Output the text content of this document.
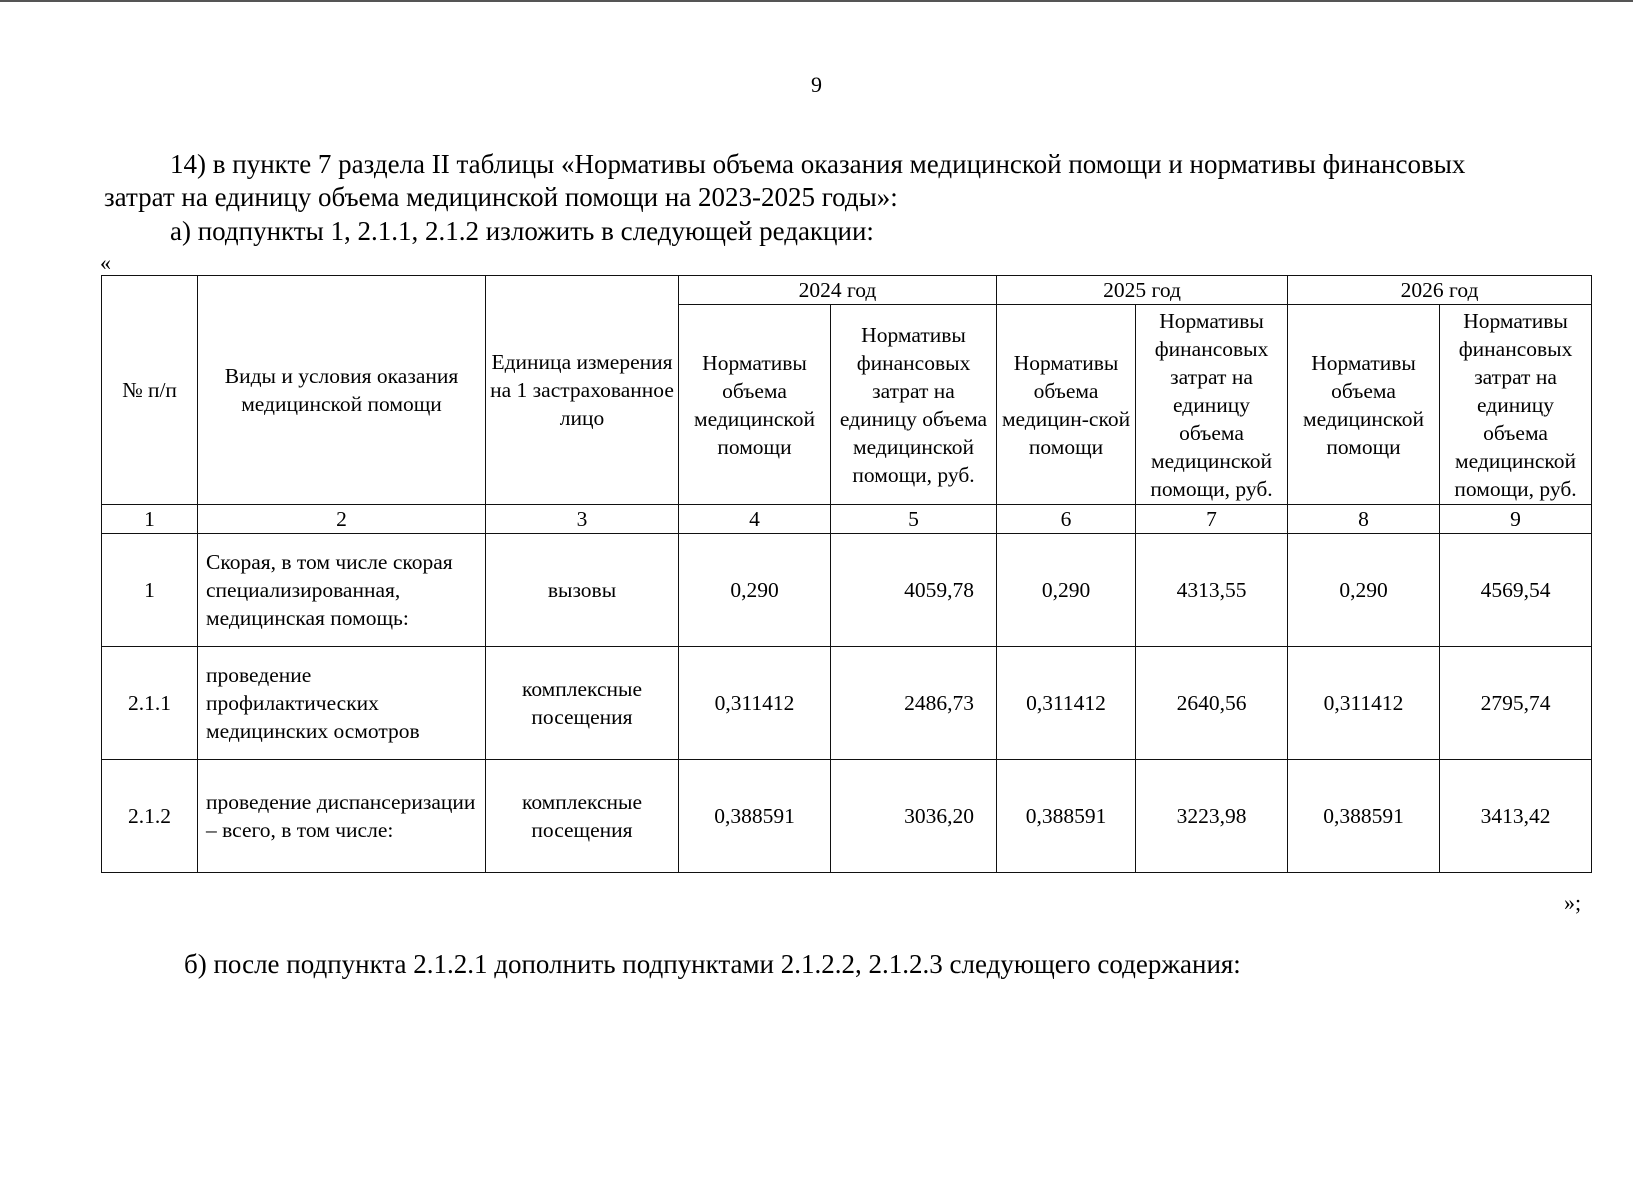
9
14) в пункте 7 раздела II таблицы «Нормативы объема оказания медицинской помощи и нормативы финансовых
затрат на единицу объема медицинской помощи на 2023-2025 годы»:
а) подпункты 1, 2.1.1, 2.1.2 изложить в следующей редакции:
«
№ п/п	Виды и условия оказания медицинской помощи	Единица измерения на 1 застрахованное лицо	2024 год		2025 год		2026 год	
			Нормативы объема медицинской помощи	Нормативы финансовых затрат на единицу объема медицинской помощи, руб.	Нормативы объема медицин-ской помощи	Нормативы финансовых затрат на единицу объема медицинской помощи, руб.	Нормативы объема медицинской помощи	Нормативы финансовых затрат на единицу объема медицинской помощи, руб.
1	2	3	4	5	6	7	8	9
1	Скорая, в том числе скорая специализированная, медицинская помощь:	вызовы	0,290	4059,78	0,290	4313,55	0,290	4569,54
2.1.1	проведение профилактических медицинских осмотров	комплексные посещения	0,311412	2486,73	0,311412	2640,56	0,311412	2795,74
2.1.2	проведение диспансеризации – всего, в том числе:	комплексные посещения	0,388591	3036,20	0,388591	3223,98	0,388591	3413,42
»;
б) после подпункта 2.1.2.1 дополнить подпунктами 2.1.2.2, 2.1.2.3 следующего содержания:
